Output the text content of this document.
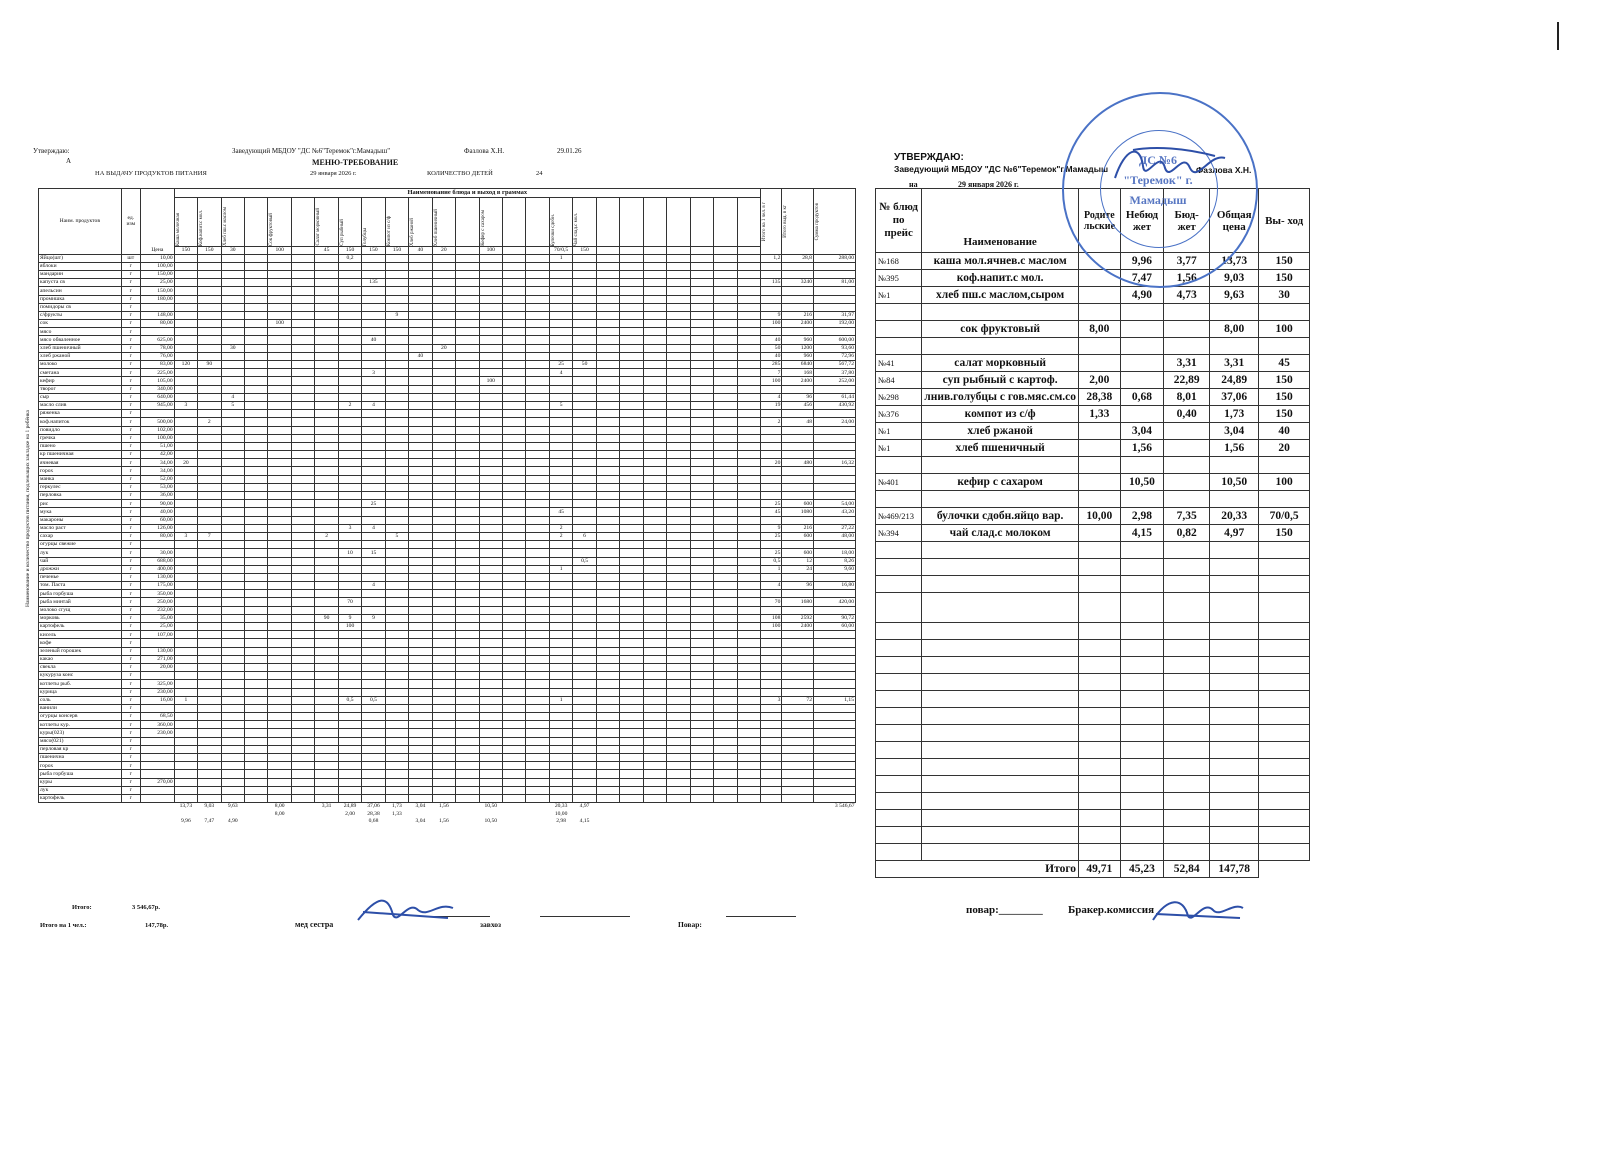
Утверждаю:
А
Заведующий МБДОУ "ДС №6"Теремок"г.Мамадыш"	Фазлова Х.Н.	29.01.26
МЕНЮ-ТРЕБОВАНИЕ
НА ВЫДАЧУ ПРОДУКТОВ ПИТАНИЯ	29 января 2026 г.	КОЛИЧЕСТВО ДЕТЕЙ	24
Наименование и количество продуктов питания, подлежащих закладке на 1 ребёнка
Наим. продуктов	ед. изм	Цена	Наименование блюда и выход в граммах																									Итого на 1 чел. в г	Итого выд. в кг	Сумма продуктов

			Каша молочная	Коф.напит.с мол.	Хлеб пш.с маслом		Сок фруктовый		Салат морковный	Суп рыбный	Голубцы	Компот из с/ф	Хлеб ржаной	Хлеб пшеничный		Кефир с сахаром			Булочки сдобн.	Чай слад.с мол.										

			150	150	30		100		45	150	150	150	40	20		100			70/0,5	150										
Яйцо(шт)	шт	10,00								0,2									1									1,2	28,8	288,00
яблоки	г	100,00																												
мандарин	г	150,00																												
капуста св	г	25,00									135																	135	3240	81,00
апельсин	г	150,00																												
промишка	г	180,00																												
помидоры св	г																													
с/фрукты	г	148,00										9																9	216	31,97
сок	г	80,00					100																					100	2400	192,00
мясо	г																													
мясо обваленное	г	625,00									40																	40	960	600,00
хлеб пшеничный	г	78,00			30									20														50	1200	93,60
хлеб ржаной	г	76,00											40															40	960	72,96
молоко	г	83,00	120	90															25	50								285	6840	567,72
сметана	г	225,00									3								4									7	168	37,80
кефир	г	105,00														100												100	2400	252,00
творог	г	340,00																												
сыр	г	640,00			4																							4	96	61,44
масло слив	г	945,00	3		5					2	4								5									19	456	430,92
ряженка	г																													
коф.напиток	г	500,00		2																								2	48	24,00
повидло	г	102,00																												
гречка	г	100,00																												
пшено	г	51,00																												
кр пшеничная	г	42,00																												
ячневая	г	34,00	20																									20	480	16,32
горох	г	34,00																												
манка	г	52,00																												
геркулес	г	53,00																												
перловка	г	36,00																												
рис	г	90,00									25																	25	600	54,00
мука	г	40,00																	45									45	1080	43,20
макароны	г	60,00																												
масло раст	г	126,00								3	4								2									9	216	27,22
сахар	г	80,00	3	7					2			5							2	6								25	600	48,00
огурцы свежие	г																													
лук	г	30,00								10	15																	25	600	18,00
чай	г	688,00																		0,5								0,5	12	8,26
дрожжи	г	400,00																	1									1	24	9,60
печенье	г	130,00																												
том. Паста	г	175,00									4																	4	96	16,80
рыба горбуша	г	350,00																												
рыба минтай	г	250,00								70																		70	1680	420,00
молоко сгущ	г	232,00																												
морковь	г	35,00							90	9	9																	108	2592	90,72
картофель	г	25,00								100																		100	2400	60,00
кисель	г	107,00																												
кофе	г																													
зеленый горошек	г	130,00																												
какао	г	271,00																												
свекла	г	20,00																												
кукуруза конс	г																													
котлеты рыб.	г	325,00																												
курица	г	230,00																												
соль	г	16,00	1							0,5	0,5								1									3	72	1,15
ванили	г																													
огурцы консерв	г	68,50																												
котлеты кур.	г	360,00																												
куры(023)	г	230,00																												
мясо(021)	г																													
перловая кр	г																													
пшенична	г																													
горох	г																													
рыба горбуша	г																													
куры	г	270,00																												
лук	г																													
картофель	г																													
			13,73	9,03	9,63		8,00		3,31	24,89	37,06	1,73	3,04	1,56		10,50			20,33	4,97										3 546,67
							8,00			2,00	28,38	1,33							10,00											
			9,96	7,47	4,90						0,68		3,04	1,56		10,50			2,98	4,15										
Итого:	3 546,67р.
Итого на 1 чел.:	147,78р.	мед сестра	завхоз	Повар:
УТВЕРЖДАЮ:
Заведующий МБДОУ "ДС №6"Теремок"г.Мамадыш	Фазлова Х.Н.
на	29 января 2026 г.
№ блюд по прейс	Наименование	Родите льские	Небюд жет	Бюд- жет	Общая цена	Вы- ход

№168	каша мол.ячнев.с маслом		9,96	3,77	13,73	150
№395	коф.напит.с мол.		7,47	1,56	9,03	150
№1	хлеб пш.с маслом,сыром		4,90	4,73	9,63	30

	сок фруктовый	8,00			8,00	100

№41	салат морковный			3,31	3,31	45
№84	суп рыбный с картоф.	2,00		22,89	24,89	150
№298	лнив.голубцы с гов.мяс.см.со	28,38	0,68	8,01	37,06	150
№376	компот из с/ф	1,33		0,40	1,73	150
№1	хлеб ржаной		3,04		3,04	40
№1	хлеб пшеничный		1,56		1,56	20

№401	кефир с сахаром		10,50		10,50	100

№469/213	булочки сдобн.яйцо вар.	10,00	2,98	7,35	20,33	70/0,5
№394	чай слад.с молоком		4,15	0,82	4,97	150

Итого		49,71	45,23	52,84	147,78	
повар:________ Бракер.комиссия
ДС №6 "Теремок" г. Мамадыш
